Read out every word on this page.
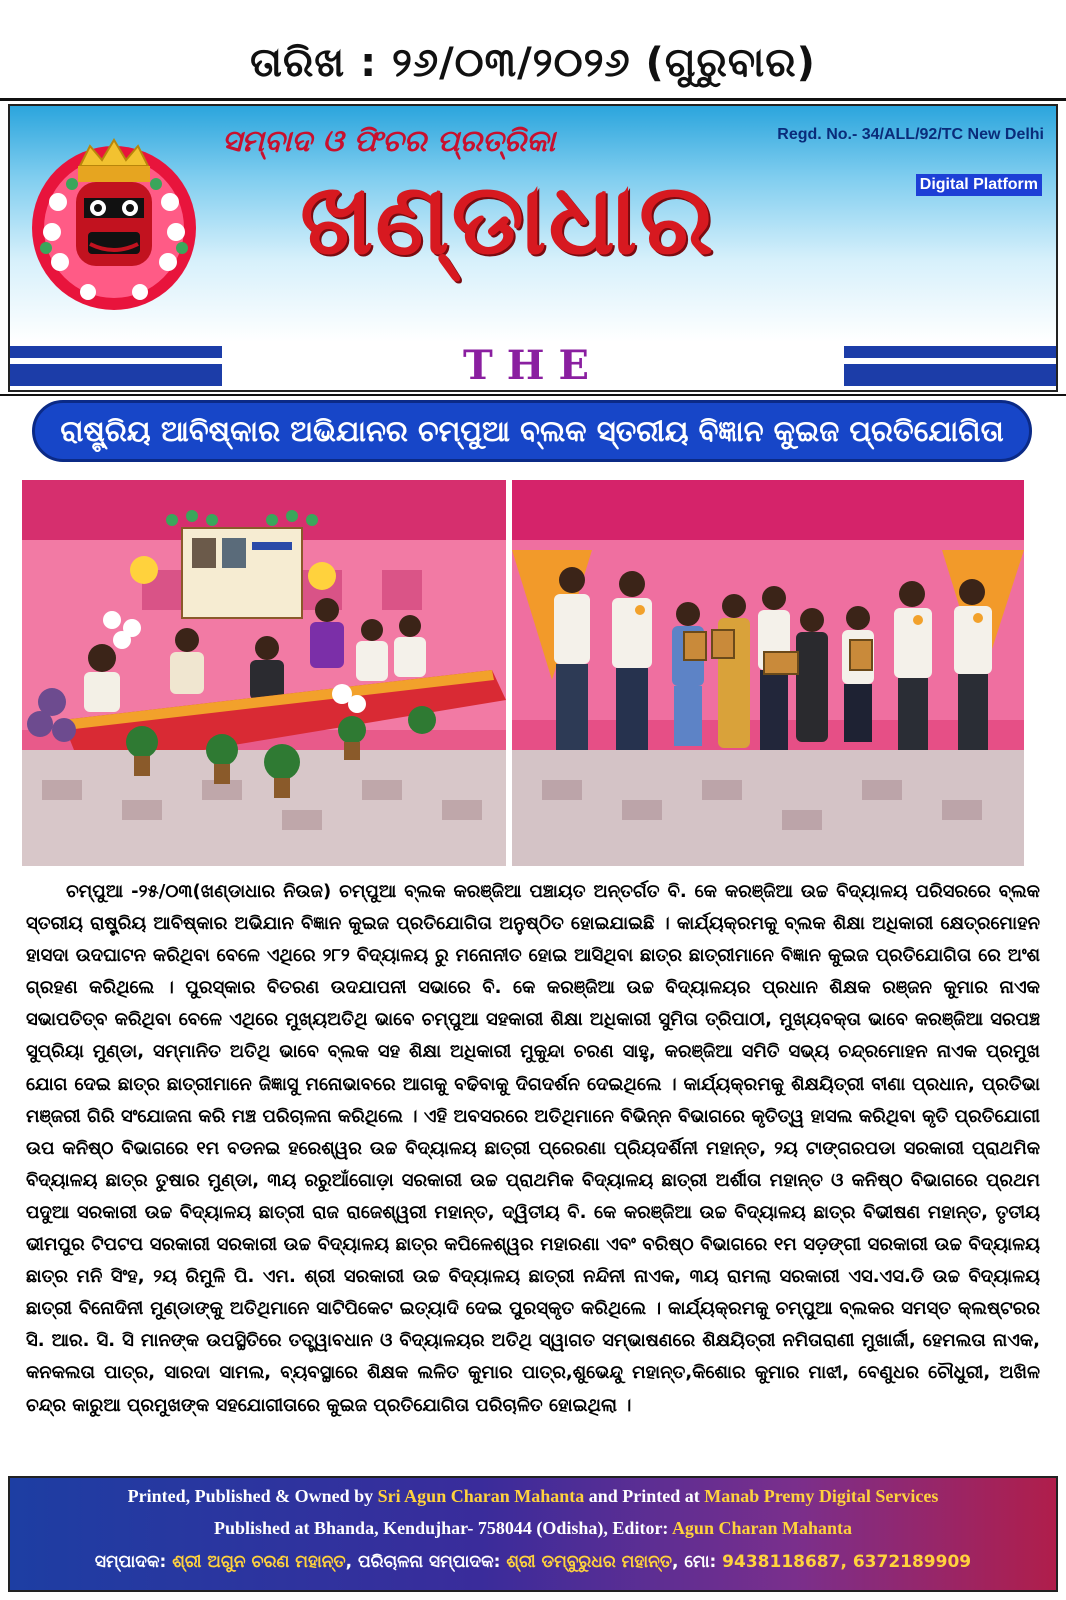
ତାରିଖ : ୨୬/୦୩/୨୦୨୬ (ଗୁରୁବାର)
ସମ୍ବାଦ ଓ ଫିଚର ପ୍ରତ୍ରିକା
ଖଣ୍ଡାଧାର
Regd. No.- 34/ALL/92/TC New Delhi
Digital Platform
THE
ରାଷ୍ଟ୍ରିୟ ଆବିଷ୍କାର ଅଭିଯାନର ଚମ୍ପୁଆ ବ୍ଲକ ସ୍ତରୀୟ ବିଜ୍ଞାନ କୁଇଜ ପ୍ରତିଯୋଗିତା

ଚମ୍ପୁଆ -୨୫/୦୩(ଖଣ୍ଡାଧାର ନିଉଜ) ଚମ୍ପୁଆ ବ୍ଲକ କରଞ୍ଜିଆ ପଞ୍ଚାୟତ ଅନ୍ତର୍ଗତ ବି. କେ କରଞ୍ଜିଆ ଉଚ୍ଚ ବିଦ୍ୟାଳୟ ପରିସରରେ ବ୍ଲକ ସ୍ତରୀୟ ରାଷ୍ଟ୍ରିୟ ଆବିଷ୍କାର ଅଭିଯାନ ବିଜ୍ଞାନ କୁଇଜ ପ୍ରତିଯୋଗିତା ଅନୁଷ୍ଠିତ ହୋଇଯାଇଛି । କାର୍ଯ୍ୟକ୍ରମକୁ ବ୍ଲକ ଶିକ୍ଷା ଅଧିକାରୀ କ୍ଷେତ୍ରମୋହନ ହାସଦା ଉଦଘାଟନ କରିଥିବା ବେଳେ ଏଥିରେ ୨୮୨ ବିଦ୍ୟାଳୟ ରୁ ମନୋନୀତ ହୋଇ ଆସିଥିବା ଛାତ୍ର ଛାତ୍ରୀମାନେ ବିଜ୍ଞାନ କୁଇଜ ପ୍ରତିଯୋଗିତା ରେ ଅଂଶ ଗ୍ରହଣ କରିଥିଲେ । ପୁରସ୍କାର ବିତରଣ ଉଦଯାପନୀ ସଭାରେ ବି. କେ କରଞ୍ଜିଆ ଉଚ୍ଚ ବିଦ୍ୟାଳୟର ପ୍ରଧାନ ଶିକ୍ଷକ ରଞ୍ଜନ କୁମାର ନାଏକ ସଭାପତିତ୍ବ କରିଥିବା ବେଳେ ଏଥିରେ ମୁଖ୍ୟଅତିଥି ଭାବେ ଚମ୍ପୁଆ ସହକାରୀ ଶିକ୍ଷା ଅଧିକାରୀ ସୁମିତା ତ୍ରିପାଠୀ, ମୁଖ୍ୟବକ୍ତା ଭାବେ କରଞ୍ଜିଆ ସରପଞ୍ଚ ସୁପ୍ରିୟା ମୁଣ୍ଡା, ସମ୍ମାନିତ ଅତିଥି ଭାବେ ବ୍ଲକ ସହ ଶିକ୍ଷା ଅଧିକାରୀ ମୁକୁନ୍ଦା ଚରଣ ସାହୁ, କରଞ୍ଜିଆ ସମିତି ସଭ୍ୟ ଚନ୍ଦ୍ରମୋହନ ନାଏକ ପ୍ରମୁଖ ଯୋଗ ଦେଇ ଛାତ୍ର ଛାତ୍ରୀମାନେ ଜିଜ୍ଞାସୁ ମନୋଭାବରେ ଆଗକୁ ବଢିବାକୁ ଦିଗଦର୍ଶନ ଦେଇଥିଲେ । କାର୍ଯ୍ୟକ୍ରମକୁ ଶିକ୍ଷୟିତ୍ରୀ ବୀଣା ପ୍ରଧାନ, ପ୍ରତିଭା ମଞ୍ଜରୀ ଗିରି ସଂଯୋଜନା କରି ମଞ୍ଚ ପରିଚାଳନା କରିଥିଲେ । ଏହି ଅବସରରେ ଅତିଥିମାନେ ବିଭିନ୍ନ ବିଭାଗରେ କୃତିତ୍ୱ ହାସଲ କରିଥିବା କୃତି ପ୍ରତିଯୋଗୀ ଉପ କନିଷ୍ଠ ବିଭାଗରେ ୧ମ ବଡନଇ ହରେଶ୍ୱର ଉଚ୍ଚ ବିଦ୍ୟାଳୟ ଛାତ୍ରୀ ପ୍ରେରଣା ପ୍ରିୟଦର୍ଶିନୀ ମହାନ୍ତ, ୨ୟ ଟାଙ୍ଗରପଡା ସରକାରୀ ପ୍ରାଥମିକ ବିଦ୍ୟାଳୟ ଛାତ୍ର ତୁଷାର ମୁଣ୍ଡା, ୩ୟ ରରୁଆଁଗୋଡ଼ା ସରକାରୀ ଉଚ୍ଚ ପ୍ରାଥମିକ ବିଦ୍ୟାଳୟ ଛାତ୍ରୀ ଅର୍ଶୀତା ମହାନ୍ତ ଓ କନିଷ୍ଠ ବିଭାଗରେ ପ୍ରଥମ ପଦୁଆ ସରକାରୀ ଉଚ୍ଚ ବିଦ୍ୟାଳୟ ଛାତ୍ରୀ ରାଜ ରାଜେଶ୍ୱରୀ ମହାନ୍ତ, ଦ୍ୱିତୀୟ ବି. କେ କରଞ୍ଜିଆ ଉଚ୍ଚ ବିଦ୍ୟାଳୟ ଛାତ୍ର ବିଭୀଷଣ ମହାନ୍ତ, ତୃତୀୟ ଭୀମପୁର ଟିପଟପ ସରକାରୀ ସରକାରୀ ଉଚ୍ଚ ବିଦ୍ୟାଳୟ ଛାତ୍ର କପିଳେଶ୍ୱର ମହାରଣା ଏବଂ ବରିଷ୍ଠ ବିଭାଗରେ ୧ମ ସଡ଼ଙ୍ଗୀ ସରକାରୀ ଉଚ୍ଚ ବିଦ୍ୟାଳୟ ଛାତ୍ର ମନି ସିଂହ, ୨ୟ ରିମୁଳି ପି. ଏମ. ଶ୍ରୀ ସରକାରୀ ଉଚ୍ଚ ବିଦ୍ୟାଳୟ ଛାତ୍ରୀ ନନ୍ଦିନୀ ନାଏକ, ୩ୟ ରାମଲା ସରକାରୀ ଏସ.ଏସ.ଡି ଉଚ୍ଚ ବିଦ୍ୟାଳୟ ଛାତ୍ରୀ ବିନୋଦିନୀ ମୁଣ୍ଡାଙ୍କୁ ଅତିଥିମାନେ ସାଟିପିକେଟ ଇତ୍ୟାଦି ଦେଇ ପୁରସ୍କୃତ କରିଥିଲେ । କାର୍ଯ୍ୟକ୍ରମକୁ ଚମ୍ପୁଆ ବ୍ଲକର ସମସ୍ତ କ୍ଲଷ୍ଟରର ସି. ଆର. ସି. ସି ମାନଙ୍କ ଉପସ୍ଥିତିରେ ତତ୍ତ୍ୱାବଧାନ ଓ ବିଦ୍ୟାଳୟର ଅତିଥି ସ୍ୱାଗତ ସମ୍ଭାଷଣରେ ଶିକ୍ଷୟିତ୍ରୀ ନମିତାରାଣୀ ମୁଖାର୍ଜୀ, ହେମଲତା ନାଏକ, କନକଲତା ପାତ୍ର, ସାରଦା ସାମଲ, ବ୍ୟବସ୍ଥାରେ ଶିକ୍ଷକ ଲଳିତ କୁମାର ପାତ୍ର,ଶୁଭେନ୍ଦୁ ମହାନ୍ତ,କିଶୋର କୁମାର ମାଝୀ, ବେଣୁଧର ଚୌଧୁରୀ, ଅଖିଳ ଚନ୍ଦ୍ର କାରୁଆ ପ୍ରମୁଖଙ୍କ ସହଯୋଗୀତାରେ କୁଇଜ ପ୍ରତିଯୋଗିତା ପରିଚାଳିତ ହୋଇଥିଲା ।

Printed, Published & Owned by Sri Agun Charan Mahanta and Printed at Manab Premy Digital Services
Published at Bhanda, Kendujhar- 758044 (Odisha), Editor: Agun Charan Mahanta
ସମ୍ପାଦକ: ଶ୍ରୀ ଅଗୁନ ଚରଣ ମହାନ୍ତ, ପରିଚାଳନା ସମ୍ପାଦକ: ଶ୍ରୀ ଡମ୍ବୁରୁଧର ମହାନ୍ତ, ମୋ: 9438118687, 6372189909
